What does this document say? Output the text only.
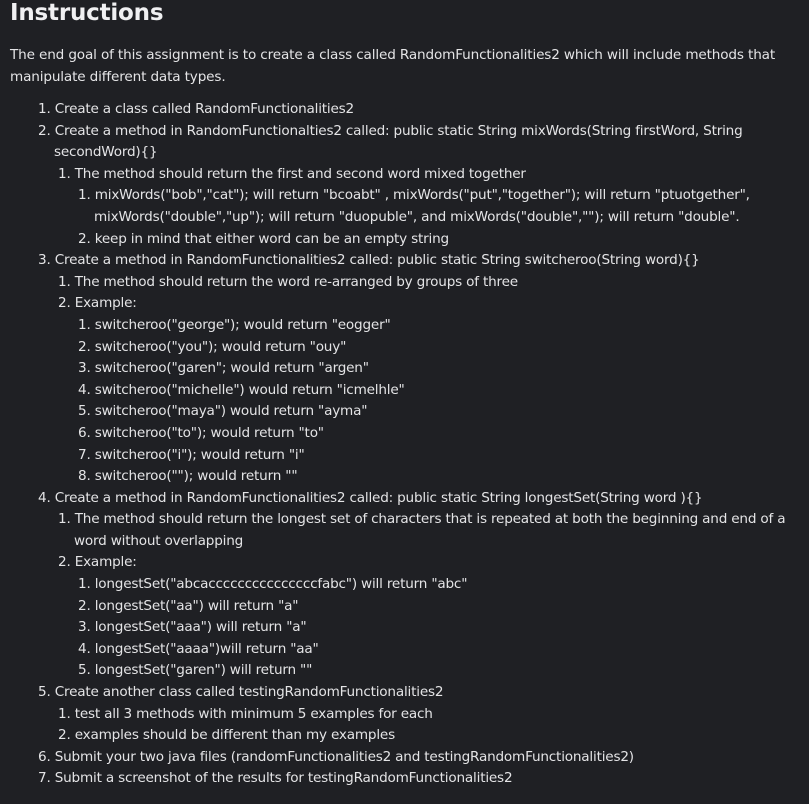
Instructions

The end goal of this assignment is to create a class called RandomFunctionalities2 which will include methods that manipulate different data types.

1. Create a class called RandomFunctionalities2
2. Create a method in RandomFunctionalties2 called: public static String mixWords(String firstWord, String secondWord){}
1. The method should return the first and second word mixed together
1. mixWords("bob","cat"); will return "bcoabt" , mixWords("put","together"); will return "ptuotgether", mixWords("double","up"); will return "duopuble", and mixWords("double",""); will return "double".
2. keep in mind that either word can be an empty string
3. Create a method in RandomFunctionalities2 called: public static String switcheroo(String word){}
1. The method should return the word re-arranged by groups of three
2. Example:
1. switcheroo("george"); would return "eogger"
2. switcheroo("you"); would return "ouy"
3. switcheroo("garen"; would return "argen"
4. switcheroo("michelle") would return "icmelhle"
5. switcheroo("maya") would return "ayma"
6. switcheroo("to"); would return "to"
7. switcheroo("i"); would return "i"
8. switcheroo(""); would return ""
4. Create a method in RandomFunctionalities2 called: public static String longestSet(String word ){}
1. The method should return the longest set of characters that is repeated at both the beginning and end of a word without overlapping
2. Example:
1. longestSet("abcacccccccccccccccfabc") will return "abc"
2. longestSet("aa") will return "a"
3. longestSet("aaa") will return "a"
4. longestSet("aaaa")will return "aa"
5. longestSet("garen") will return ""
5. Create another class called testingRandomFunctionalities2
1. test all 3 methods with minimum 5 examples for each
2. examples should be different than my examples
6. Submit your two java files (randomFunctionalities2 and testingRandomFunctionalities2)
7. Submit a screenshot of the results for testingRandomFunctionalities2
